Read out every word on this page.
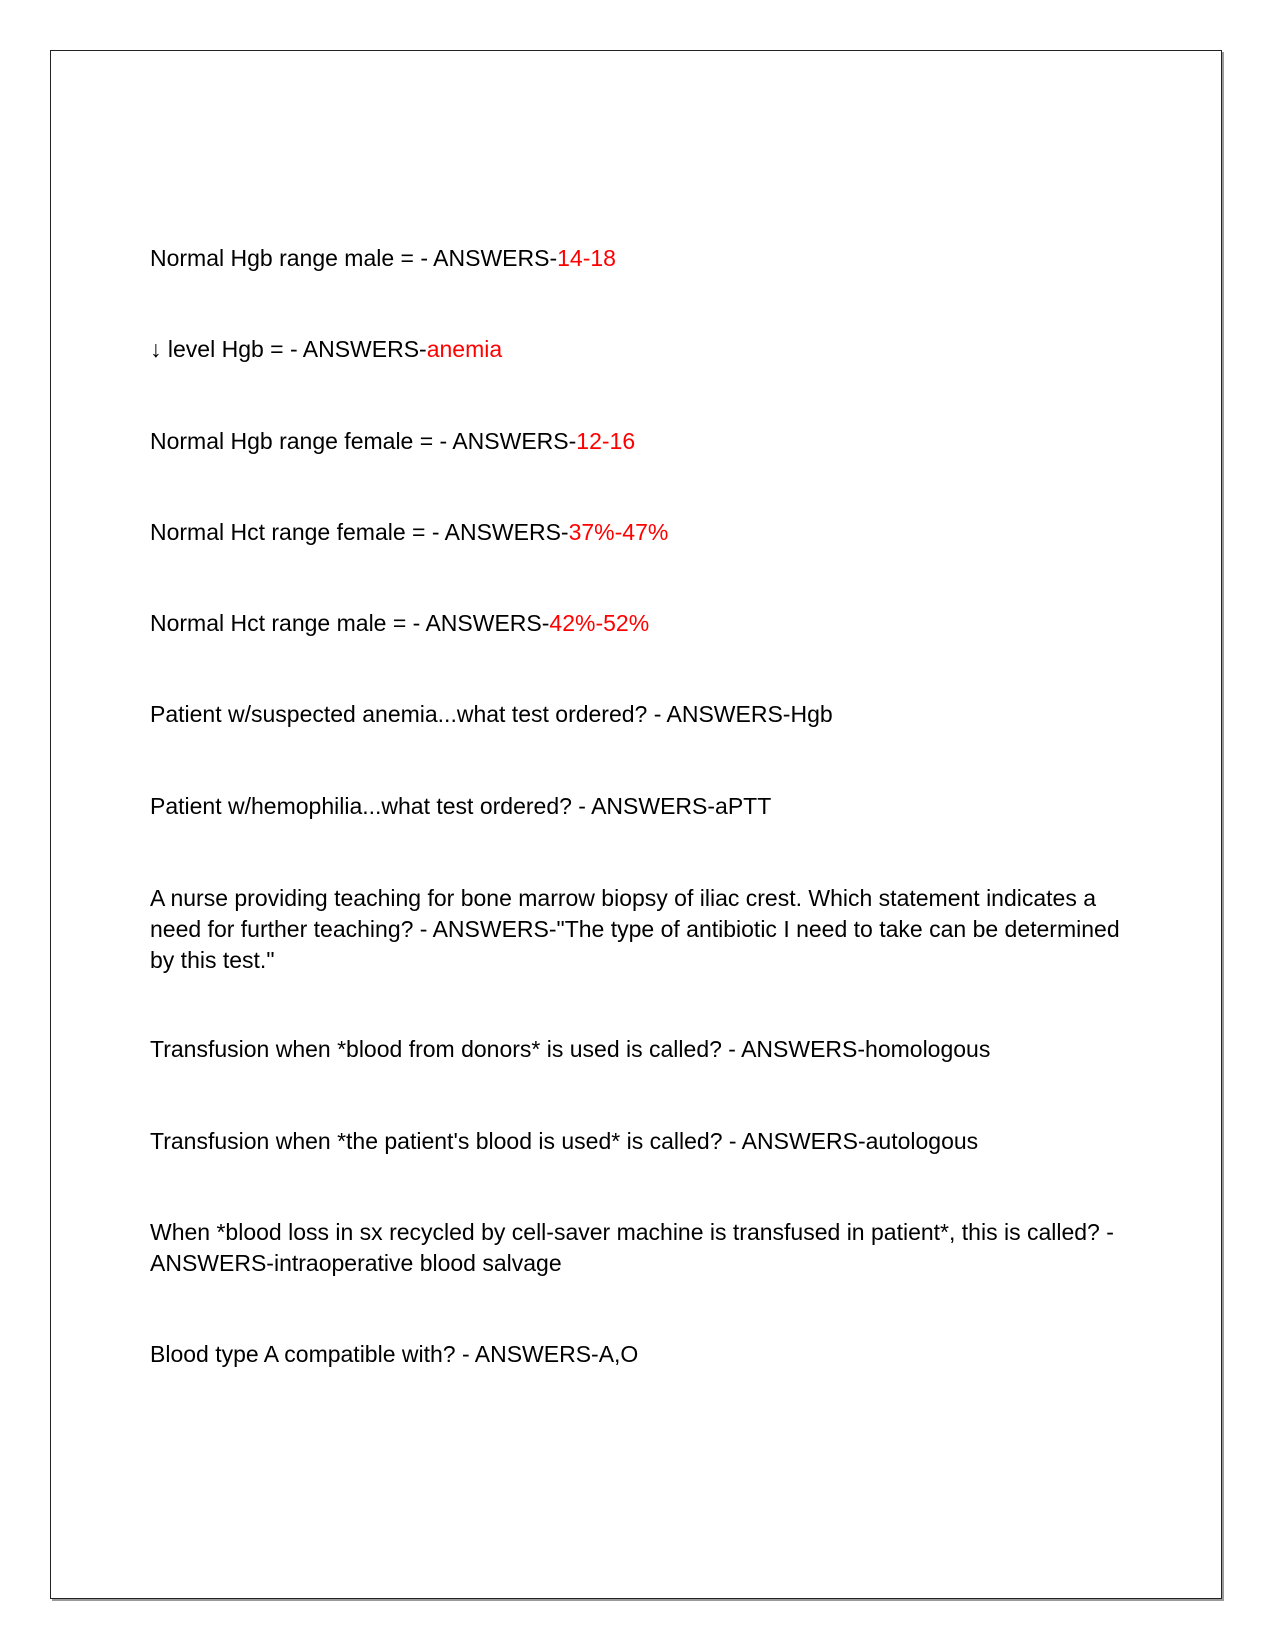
Normal Hgb range male = - ANSWERS-14-18
↓ level Hgb = - ANSWERS-anemia
Normal Hgb range female = - ANSWERS-12-16
Normal Hct range female = - ANSWERS-37%-47%
Normal Hct range male = - ANSWERS-42%-52%
Patient w/suspected anemia...what test ordered? - ANSWERS-Hgb
Patient w/hemophilia...what test ordered? - ANSWERS-aPTT
A nurse providing teaching for bone marrow biopsy of iliac crest. Which statement indicates a need for further teaching? - ANSWERS-"The type of antibiotic I need to take can be determined by this test."
Transfusion when *blood from donors* is used is called? - ANSWERS-homologous
Transfusion when *the patient's blood is used* is called? - ANSWERS-autologous
When *blood loss in sx recycled by cell-saver machine is transfused in patient*, this is called? - ANSWERS-intraoperative blood salvage
Blood type A compatible with? - ANSWERS-A,O
